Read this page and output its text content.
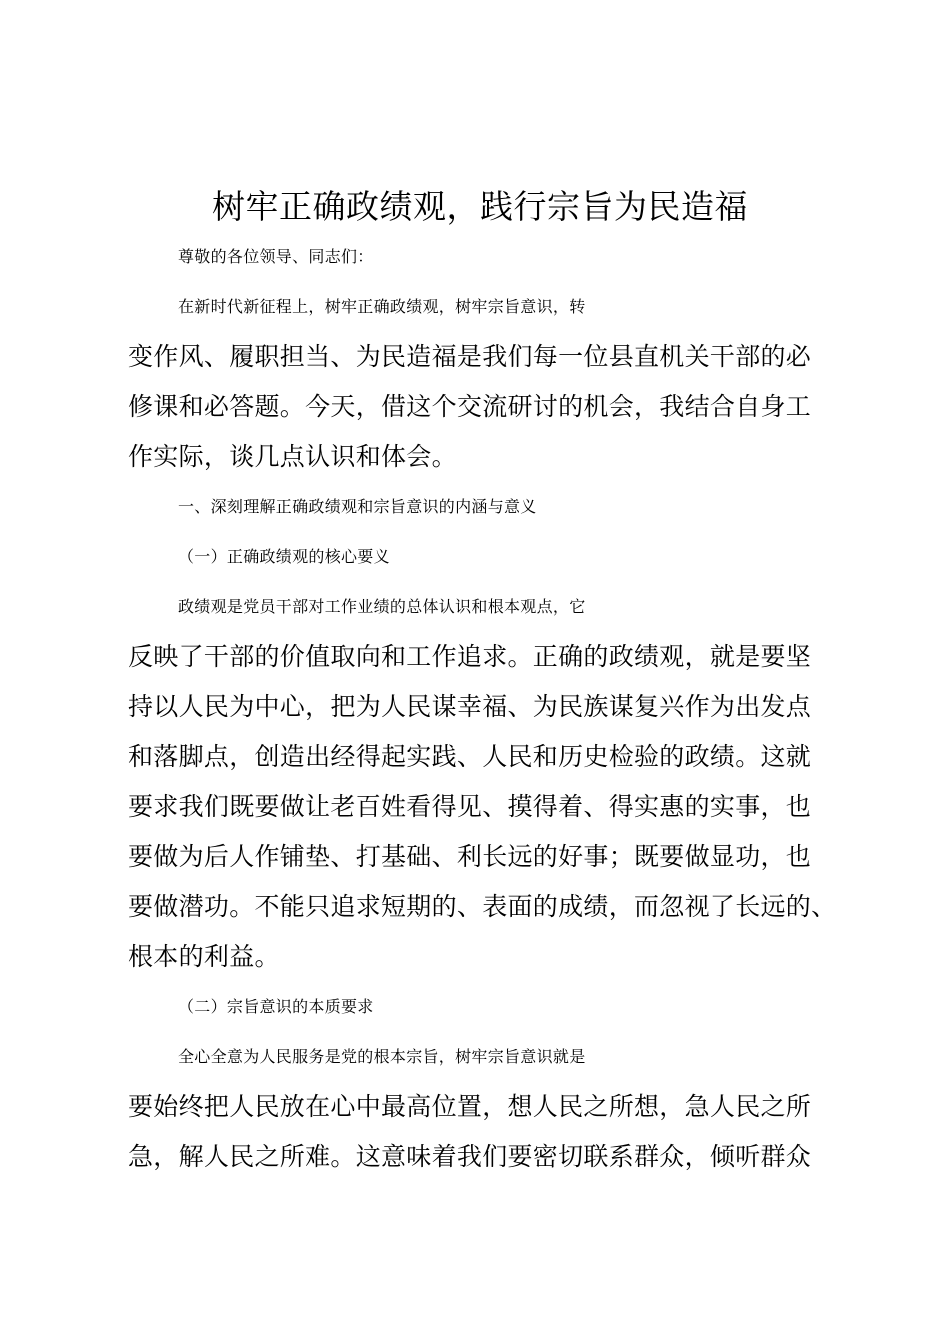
树牢正确政绩观，践行宗旨为民造福
尊敬的各位领导、同志们：
在新时代新征程上，树牢正确政绩观，树牢宗旨意识，转
变作风、履职担当、为民造福是我们每一位县直机关干部的必
修课和必答题。今天，借这个交流研讨的机会，我结合自身工
作实际，谈几点认识和体会。
一、深刻理解正确政绩观和宗旨意识的内涵与意义
（一）正确政绩观的核心要义
政绩观是党员干部对工作业绩的总体认识和根本观点，它
反映了干部的价值取向和工作追求。正确的政绩观，就是要坚
持以人民为中心，把为人民谋幸福、为民族谋复兴作为出发点
和落脚点，创造出经得起实践、人民和历史检验的政绩。这就
要求我们既要做让老百姓看得见、摸得着、得实惠的实事，也
要做为后人作铺垫、打基础、利长远的好事；既要做显功，也
要做潜功。不能只追求短期的、表面的成绩，而忽视了长远的、
根本的利益。
（二）宗旨意识的本质要求
全心全意为人民服务是党的根本宗旨，树牢宗旨意识就是
要始终把人民放在心中最高位置，想人民之所想，急人民之所
急，解人民之所难。这意味着我们要密切联系群众，倾听群众
